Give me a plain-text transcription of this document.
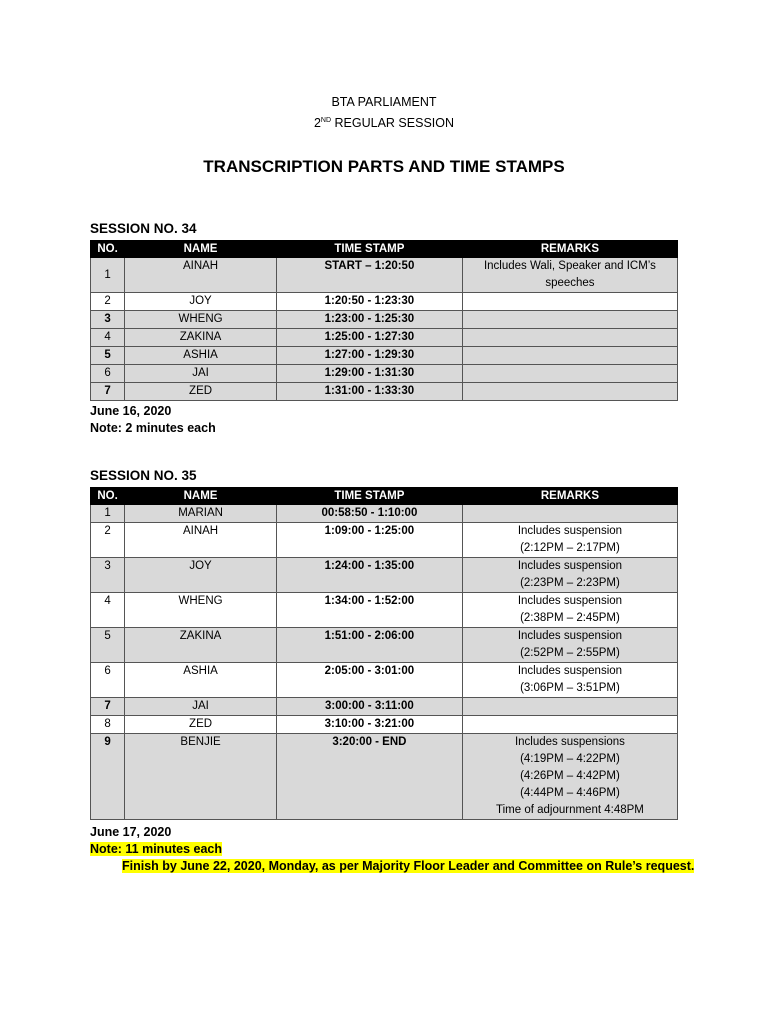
BTA PARLIAMENT
2ND REGULAR SESSION
TRANSCRIPTION PARTS AND TIME STAMPS
SESSION NO. 34
NO.	NAME	TIME STAMP	REMARKS
1	AINAH	START – 1:20:50	Includes Wali, Speaker and ICM’s
speeches

2	JOY	1:20:50 - 1:23:30	
3	WHENG	1:23:00 - 1:25:30	
4	ZAKINA	1:25:00 - 1:27:30	
5	ASHIA	1:27:00 - 1:29:30	
6	JAI	1:29:00 - 1:31:30	
7	ZED	1:31:00 - 1:33:30	
June 16, 2020
Note: 2 minutes each
SESSION NO. 35
NO.	NAME	TIME STAMP	REMARKS
1	MARIAN	00:58:50 - 1:10:00	
2	AINAH	1:09:00 - 1:25:00	Includes suspension
(2:12PM – 2:17PM)

3	JOY	1:24:00 - 1:35:00	Includes suspension
(2:23PM – 2:23PM)

4	WHENG	1:34:00 - 1:52:00	Includes suspension
(2:38PM – 2:45PM)

5	ZAKINA	1:51:00 - 2:06:00	Includes suspension
(2:52PM – 2:55PM)

6	ASHIA	2:05:00 - 3:01:00	Includes suspension
(3:06PM – 3:51PM)

7	JAI	3:00:00 - 3:11:00	
8	ZED	3:10:00 - 3:21:00	
9	BENJIE	3:20:00 - END	Includes suspensions
(4:19PM – 4:22PM)
(4:26PM – 4:42PM)
(4:44PM – 4:46PM)
Time of adjournment 4:48PM
June 17, 2020
Note: 11 minutes each
Finish by June 22, 2020, Monday, as per Majority Floor Leader and Committee on Rule’s request.
